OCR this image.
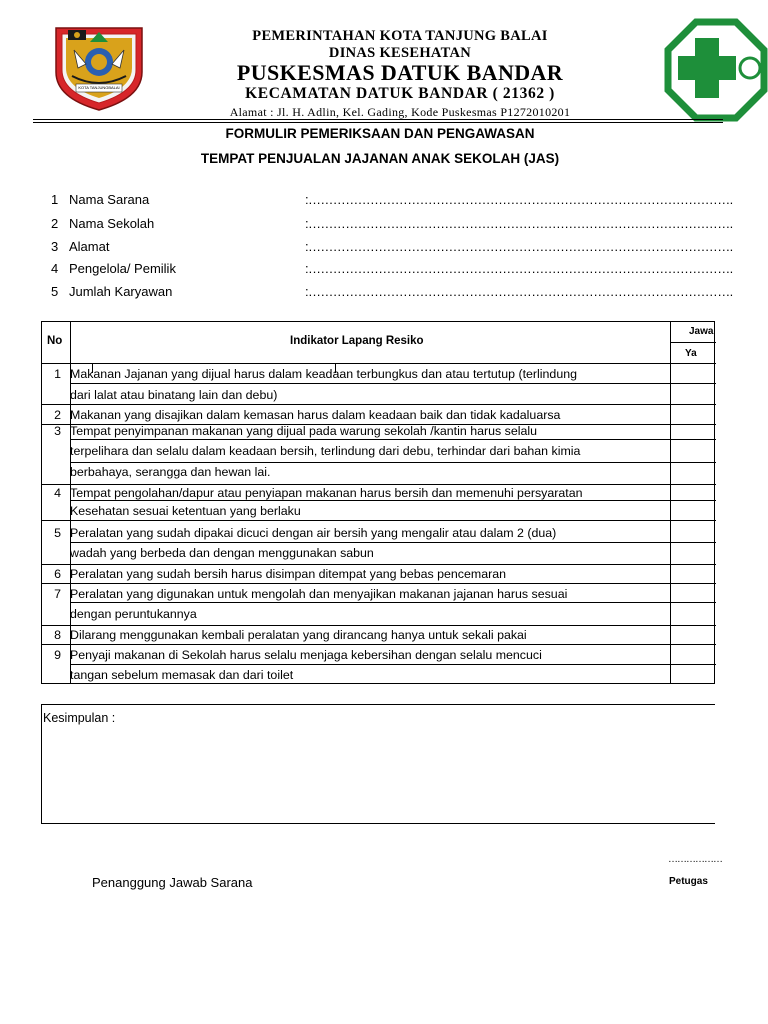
KOTA TANJUNGBALAI
PEMERINTAHAN KOTA TANJUNG BALAI
DINAS KESEHATAN
PUSKESMAS DATUK BANDAR
KECAMATAN DATUK BANDAR ( 21362 )
Alamat : Jl. H. Adlin, Kel. Gading, Kode Puskesmas P1272010201
FORMULIR PEMERIKSAAN DAN PENGAWASAN
TEMPAT PENJUALAN JAJANAN ANAK SEKOLAH (JAS)
1 Nama Sarana	:………………………………………………………………………………………….
2 Nama Sekolah	:………………………………………………………………………………………….
3 Alamat	:………………………………………………………………………………………….
4 Pengelola/ Pemilik	:………………………………………………………………………………………….
5 Jumlah Karyawan	:………………………………………………………………………………………….
No	Indikator Lapang Resiko
Jawa
Ya
1 Makanan Jajanan yang dijual harus dalam keadaan terbungkus dan atau tertutup (terlindung
dari lalat atau binatang lain dan debu)
2 Makanan yang disajikan dalam kemasan harus dalam keadaan baik dan tidak kadaluarsa
3 Tempat penyimpanan makanan yang dijual pada warung sekolah /kantin harus selalu
terpelihara dan selalu dalam keadaan bersih, terlindung dari debu, terhindar dari bahan kimia
berbahaya, serangga dan hewan lai.
4 Tempat pengolahan/dapur atau penyiapan makanan harus bersih dan memenuhi persyaratan
Kesehatan sesuai ketentuan yang berlaku
5 Peralatan yang sudah dipakai dicuci dengan air bersih yang mengalir atau dalam 2 (dua)
wadah yang berbeda dan dengan menggunakan sabun
6 Peralatan yang sudah bersih harus disimpan ditempat yang bebas pencemaran
7 Peralatan yang digunakan untuk mengolah dan menyajikan makanan jajanan harus sesuai
dengan peruntukannya
8 Dilarang menggunakan kembali peralatan yang dirancang hanya untuk sekali pakai
9 Penyaji makanan di Sekolah harus selalu menjaga kebersihan dengan selalu mencuci
tangan sebelum memasak dan dari toilet
Kesimpulan :
………………
Penanggung Jawab Sarana	Petugas
